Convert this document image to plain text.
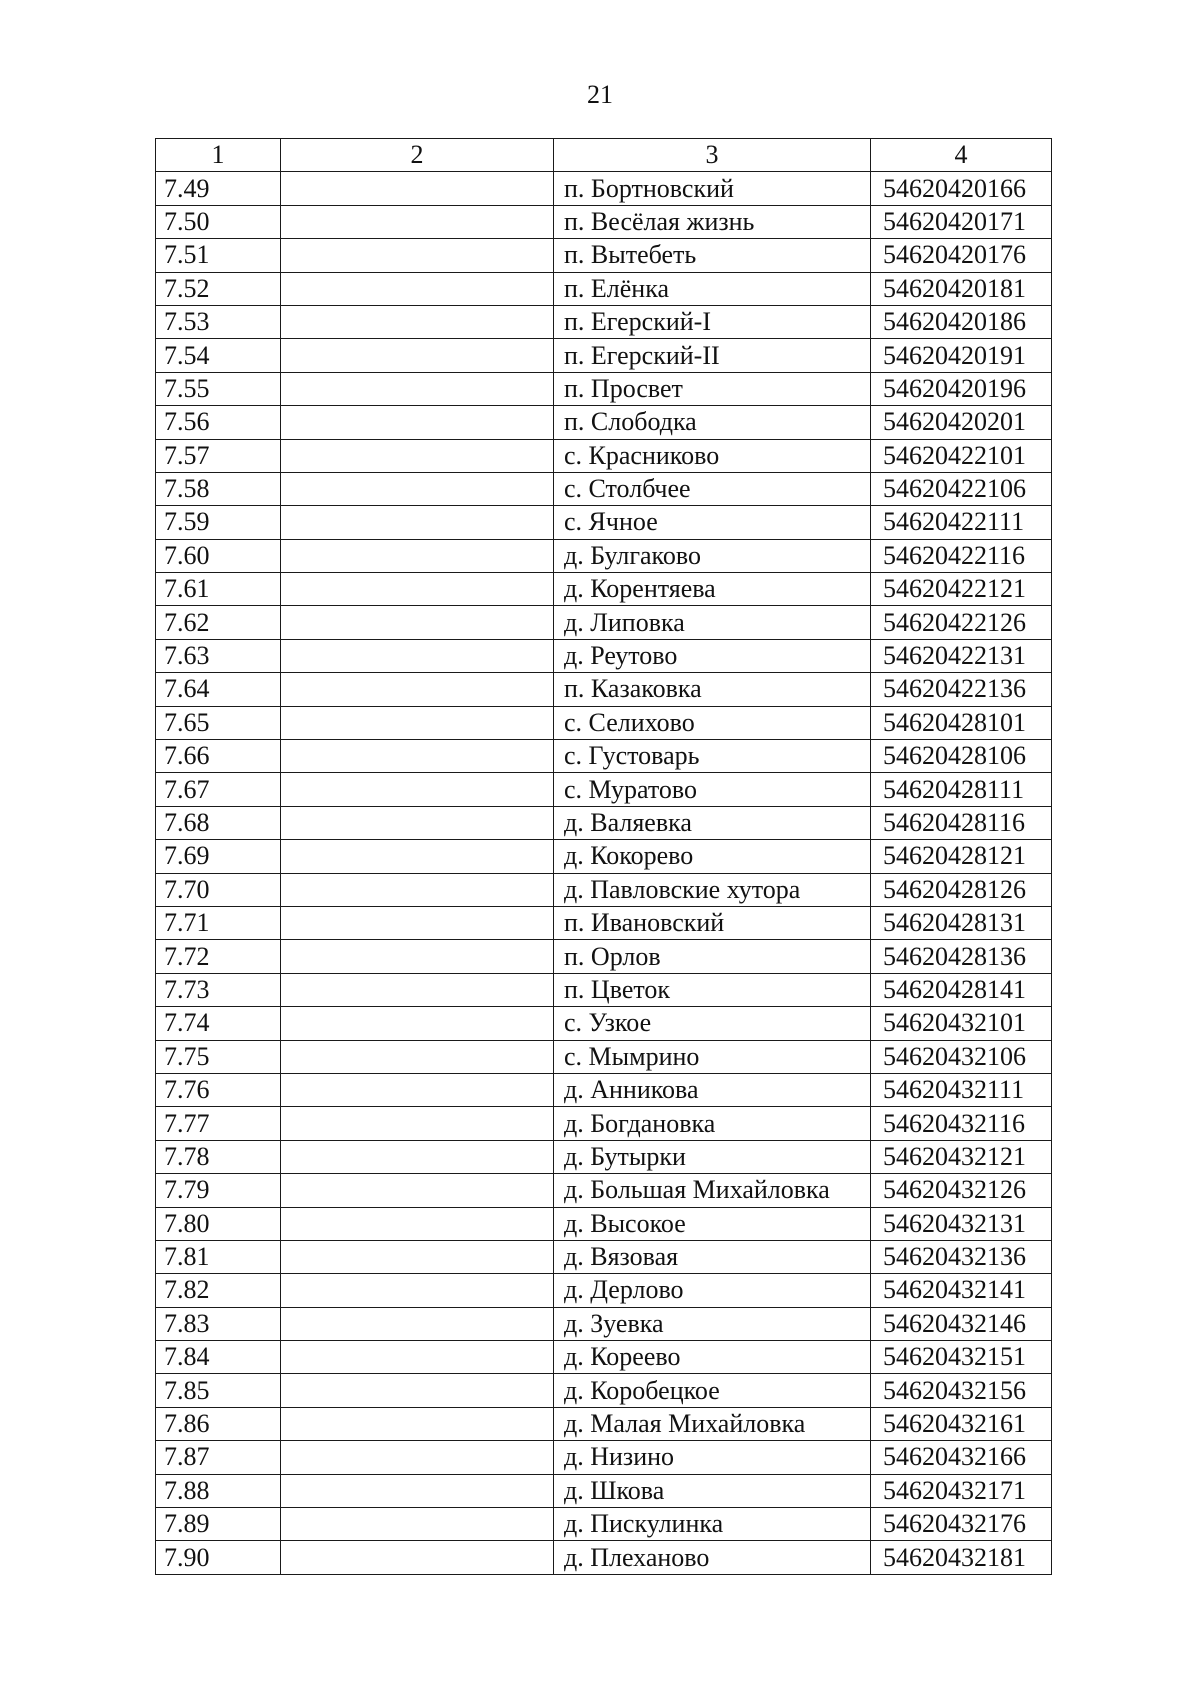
21
1	2	3	4
7.49		п. Бортновский	54620420166
7.50		п. Весёлая жизнь	54620420171
7.51		п. Вытебеть	54620420176
7.52		п. Елёнка	54620420181
7.53		п. Егерский-I	54620420186
7.54		п. Егерский-II	54620420191
7.55		п. Просвет	54620420196
7.56		п. Слободка	54620420201
7.57		с. Красниково	54620422101
7.58		с. Столбчее	54620422106
7.59		с. Ячное	54620422111
7.60		д. Булгаково	54620422116
7.61		д. Корентяева	54620422121
7.62		д. Липовка	54620422126
7.63		д. Реутово	54620422131
7.64		п. Казаковка	54620422136
7.65		с. Селихово	54620428101
7.66		с. Густоварь	54620428106
7.67		с. Муратово	54620428111
7.68		д. Валяевка	54620428116
7.69		д. Кокорево	54620428121
7.70		д. Павловские хутора	54620428126
7.71		п. Ивановский	54620428131
7.72		п. Орлов	54620428136
7.73		п. Цветок	54620428141
7.74		с. Узкое	54620432101
7.75		с. Мымрино	54620432106
7.76		д. Анникова	54620432111
7.77		д. Богдановка	54620432116
7.78		д. Бутырки	54620432121
7.79		д. Большая Михайловка	54620432126
7.80		д. Высокое	54620432131
7.81		д. Вязовая	54620432136
7.82		д. Дерлово	54620432141
7.83		д. Зуевка	54620432146
7.84		д. Кореево	54620432151
7.85		д. Коробецкое	54620432156
7.86		д. Малая Михайловка	54620432161
7.87		д. Низино	54620432166
7.88		д. Шкова	54620432171
7.89		д. Пискулинка	54620432176
7.90		д. Плеханово	54620432181
